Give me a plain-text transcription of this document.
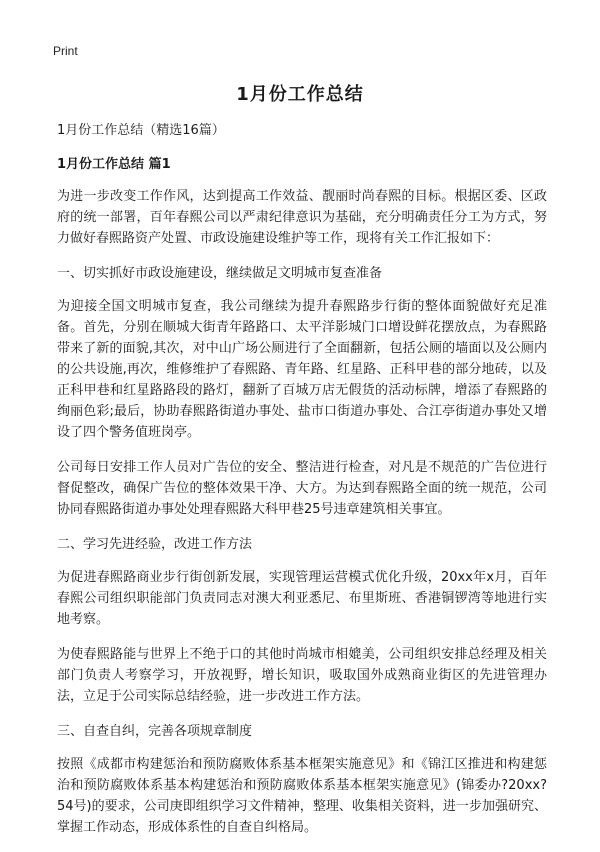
Print
1月份工作总结

1月份工作总结（精选16篇）

1月份工作总结 篇1

为进一步改变工作作风，达到提高工作效益、靓丽时尚春熙的目标。根据区委、区政府的统一部署，百年春熙公司以严肃纪律意识为基础，充分明确责任分工为方式，努力做好春熙路资产处置、市政设施建设维护等工作，现将有关工作汇报如下：

一、切实抓好市政设施建设，继续做足文明城市复查准备

为迎接全国文明城市复查，我公司继续为提升春熙路步行街的整体面貌做好充足准备。首先，分别在顺城大街青年路路口、太平洋影城门口增设鲜花摆放点，为春熙路带来了新的面貌,其次，对中山广场公厕进行了全面翻新，包括公厕的墙面以及公厕内的公共设施,再次，维修维护了春熙路、青年路、红星路、正科甲巷的部分地砖，以及正科甲巷和红星路路段的路灯，翻新了百城万店无假货的活动标牌，增添了春熙路的绚丽色彩;最后，协助春熙路街道办事处、盐市口街道办事处、合江亭街道办事处又增设了四个警务值班岗亭。

公司每日安排工作人员对广告位的安全、整洁进行检查，对凡是不规范的广告位进行督促整改，确保广告位的整体效果干净、大方。为达到春熙路全面的统一规范，公司协同春熙路街道办事处处理春熙路大科甲巷25号违章建筑相关事宜。

二、学习先进经验，改进工作方法

为促进春熙路商业步行街创新发展，实现管理运营模式优化升级，20xx年x月，百年春熙公司组织职能部门负责同志对澳大利亚悉尼、布里斯班、香港铜锣湾等地进行实地考察。

为使春熙路能与世界上不绝于口的其他时尚城市相媲美，公司组织安排总经理及相关部门负责人考察学习，开放视野，增长知识，吸取国外成熟商业街区的先进管理办法，立足于公司实际总结经验，进一步改进工作方法。

三、自查自纠，完善各项规章制度

按照《成都市构建惩治和预防腐败体系基本框架实施意见》和《锦江区推进和构建惩治和预防腐败体系基本构建惩治和预防腐败体系基本框架实施意见》(锦委办?20xx?54号)的要求，公司庚即组织学习文件精神，整理、收集相关资料，进一步加强研究、掌握工作动态，形成体系性的自查自纠格局。
